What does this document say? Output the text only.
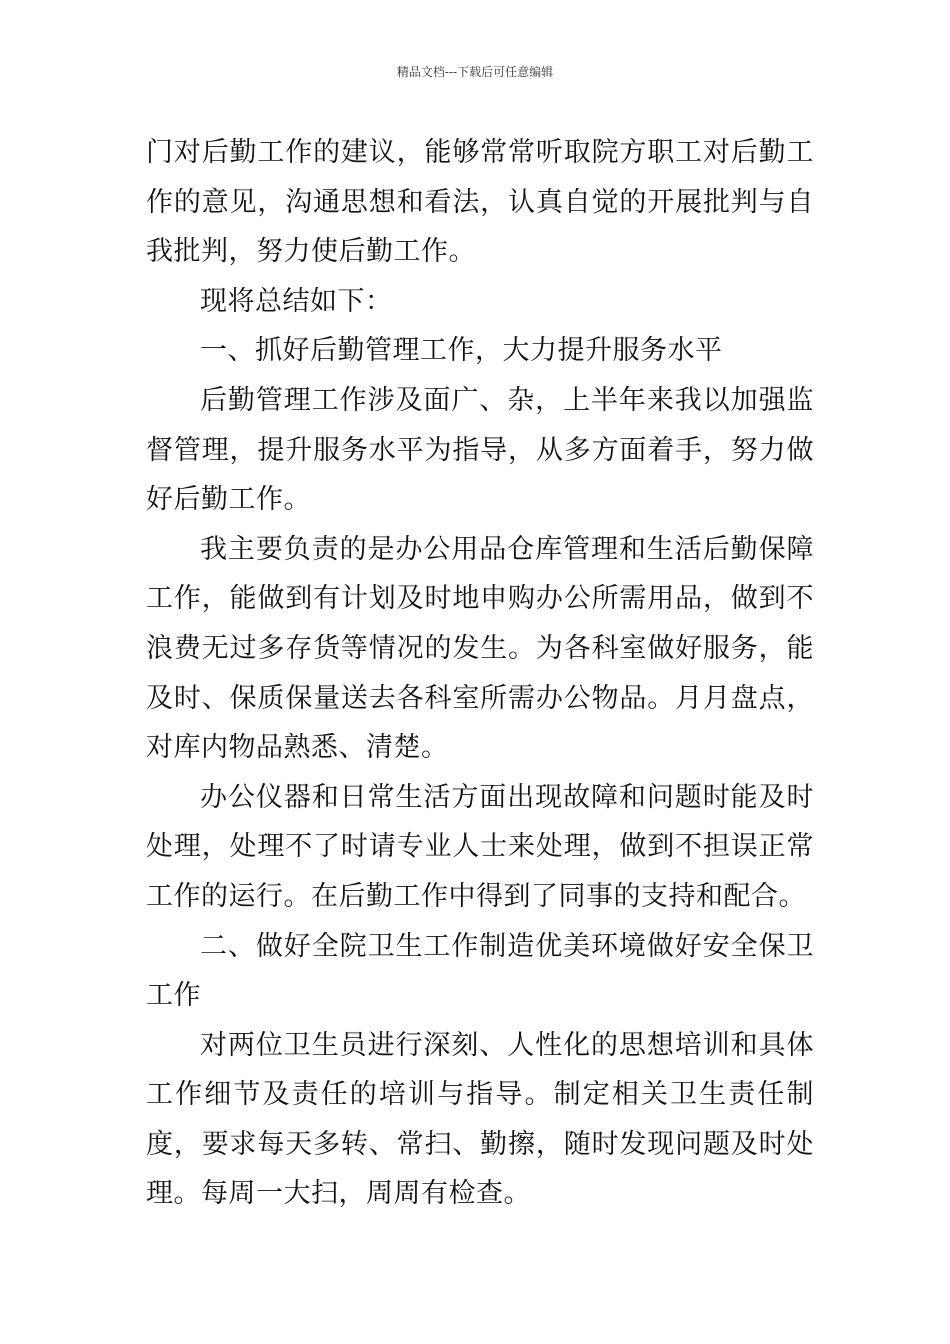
精品文档---下载后可任意编辑

门对后勤工作的建议，能够常常听取院方职工对后勤工作的意见，沟通思想和看法，认真自觉的开展批判与自我批判，努力使后勤工作。

现将总结如下：

一、抓好后勤管理工作，大力提升服务水平

后勤管理工作涉及面广、杂，上半年来我以加强监督管理，提升服务水平为指导，从多方面着手，努力做好后勤工作。

我主要负责的是办公用品仓库管理和生活后勤保障工作，能做到有计划及时地申购办公所需用品，做到不浪费无过多存货等情况的发生。为各科室做好服务，能及时、保质保量送去各科室所需办公物品。月月盘点，对库内物品熟悉、清楚。

办公仪器和日常生活方面出现故障和问题时能及时处理，处理不了时请专业人士来处理，做到不担误正常工作的运行。在后勤工作中得到了同事的支持和配合。

二、做好全院卫生工作制造优美环境做好安全保卫工作

对两位卫生员进行深刻、人性化的思想培训和具体工作细节及责任的培训与指导。制定相关卫生责任制度，要求每天多转、常扫、勤擦，随时发现问题及时处理。每周一大扫，周周有检查。
